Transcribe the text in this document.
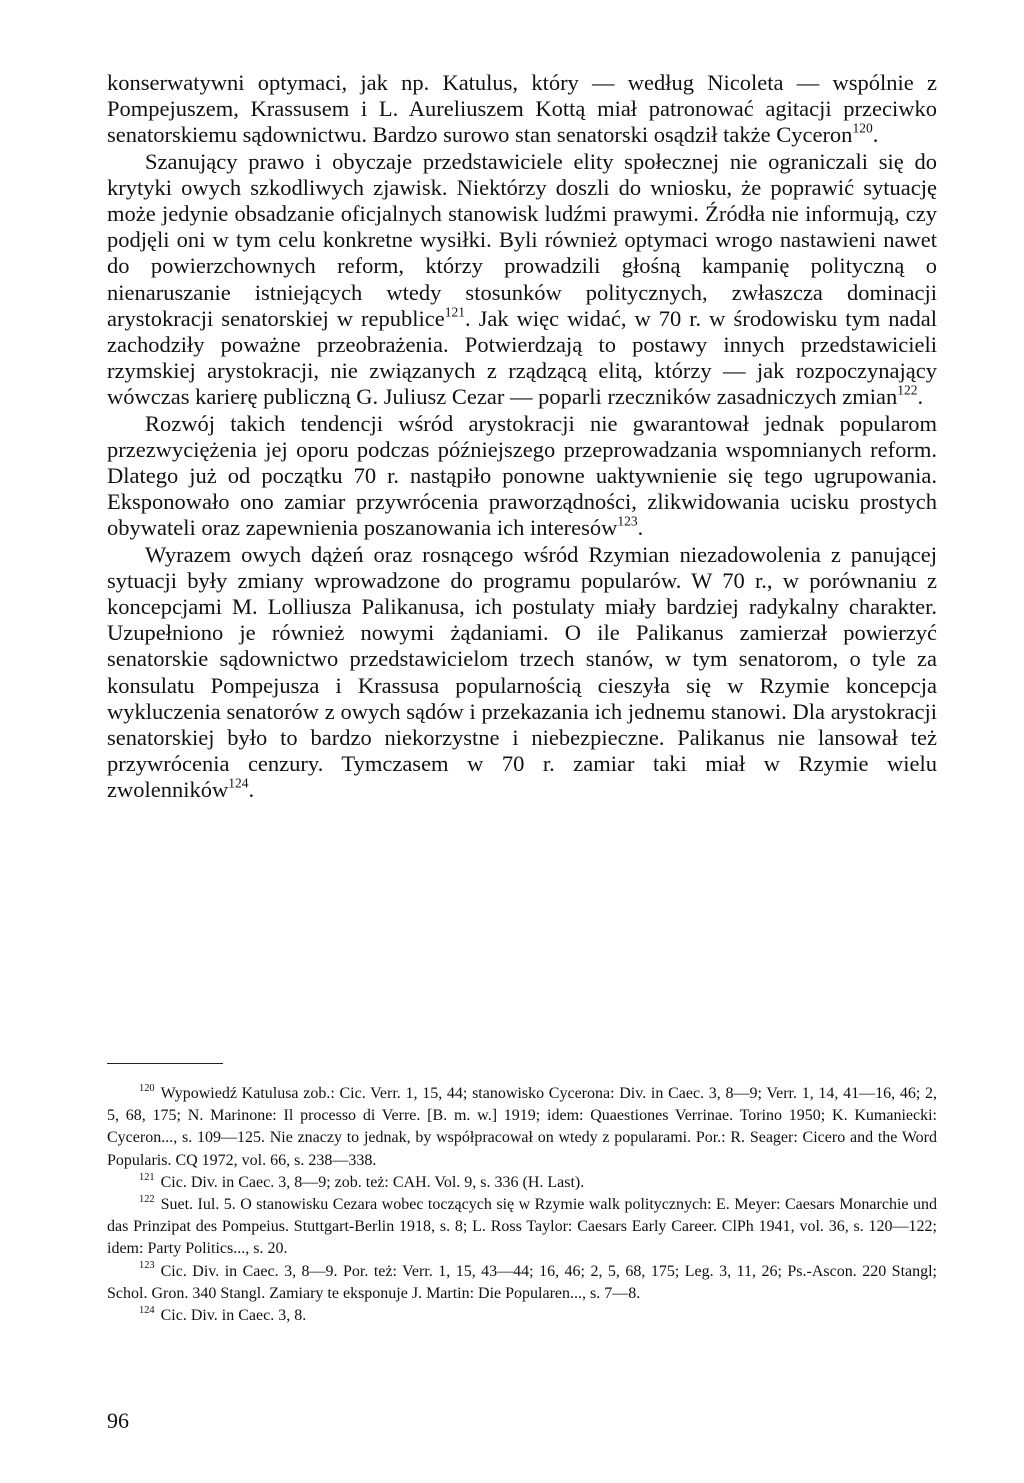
konserwatywni optymaci, jak np. Katulus, który — według Nicoleta — wspólnie z Pompejuszem, Krassusem i L. Aureliuszem Kottą miał patronować agitacji przeciwko senatorskiemu sądownictwu. Bardzo surowo stan senatorski osądził także Cyceron$^{120}$.

Szanujący prawo i obyczaje przedstawiciele elity społecznej nie ograniczali się do krytyki owych szkodliwych zjawisk. Niektórzy doszli do wniosku, że poprawić sytuację może jedynie obsadzanie oficjalnych stanowisk ludźmi prawymi. Źródła nie informują, czy podjęli oni w tym celu konkretne wysiłki. Byli również optymaci wrogo nastawieni nawet do powierzchownych reform, którzy prowadzili głośną kampanię polityczną o nienaruszanie istniejących wtedy stosunków politycznych, zwłaszcza dominacji arystokracji senatorskiej w republice$^{121}$. Jak więc widać, w 70 r. w środowisku tym nadal zachodziły poważne przeobrażenia. Potwierdzają to postawy innych przedstawicieli rzymskiej arystokracji, nie związanych z rządzącą elitą, którzy — jak rozpoczynający wówczas karierę publiczną G. Juliusz Cezar — poparli rzeczników zasadniczych zmian$^{122}$.

Rozwój takich tendencji wśród arystokracji nie gwarantował jednak popularom przezwyciężenia jej oporu podczas późniejszego przeprowadzania wspomnianych reform. Dlatego już od początku 70 r. nastąpiło ponowne uaktywnienie się tego ugrupowania. Eksponowało ono zamiar przywrócenia praworządności, zlikwidowania ucisku prostych obywateli oraz zapewnienia poszanowania ich interesów$^{123}$.

Wyrazem owych dążeń oraz rosnącego wśród Rzymian niezadowolenia z panującej sytuacji były zmiany wprowadzone do programu popularów. W 70 r., w porównaniu z koncepcjami M. Lolliusza Palikanusa, ich postulaty miały bardziej radykalny charakter. Uzupełniono je również nowymi żądaniami. O ile Palikanus zamierzał powierzyć senatorskie sądownictwo przedstawicielom trzech stanów, w tym senatorom, o tyle za konsulatu Pompejusza i Krassusa popularnością cieszyła się w Rzymie koncepcja wykluczenia senatorów z owych sądów i przekazania ich jednemu stanowi. Dla arystokracji senatorskiej było to bardzo niekorzystne i niebezpieczne. Palikanus nie lansował też przywrócenia cenzury. Tymczasem w 70 r. zamiar taki miał w Rzymie wielu zwolenników$^{124}$.

$^{120}$ Wypowiedź Katulusa zob.: Cic. Verr. 1, 15, 44; stanowisko Cycerona: Div. in Caec. 3, 8—9; Verr. 1, 14, 41—16, 46; 2, 5, 68, 175; N. Marinone: Il processo di Verre. [B. m. w.] 1919; idem: Quaestiones Verrinae. Torino 1950; K. Kumaniecki: Cyceron..., s. 109—125. Nie znaczy to jednak, by współpracował on wtedy z popularami. Por.: R. Seager: Cicero and the Word Popularis. CQ 1972, vol. 66, s. 238—338.

$^{121}$ Cic. Div. in Caec. 3, 8—9; zob. też: CAH. Vol. 9, s. 336 (H. Last).

$^{122}$ Suet. Iul. 5. O stanowisku Cezara wobec toczących się w Rzymie walk politycznych: E. Meyer: Caesars Monarchie und das Prinzipat des Pompeius. Stuttgart-Berlin 1918, s. 8; L. Ross Taylor: Caesars Early Career. ClPh 1941, vol. 36, s. 120—122; idem: Party Politics..., s. 20.

$^{123}$ Cic. Div. in Caec. 3, 8—9. Por. też: Verr. 1, 15, 43—44; 16, 46; 2, 5, 68, 175; Leg. 3, 11, 26; Ps.-Ascon. 220 Stangl; Schol. Gron. 340 Stangl. Zamiary te eksponuje J. Martin: Die Popularen..., s. 7—8.

$^{124}$ Cic. Div. in Caec. 3, 8.

96
